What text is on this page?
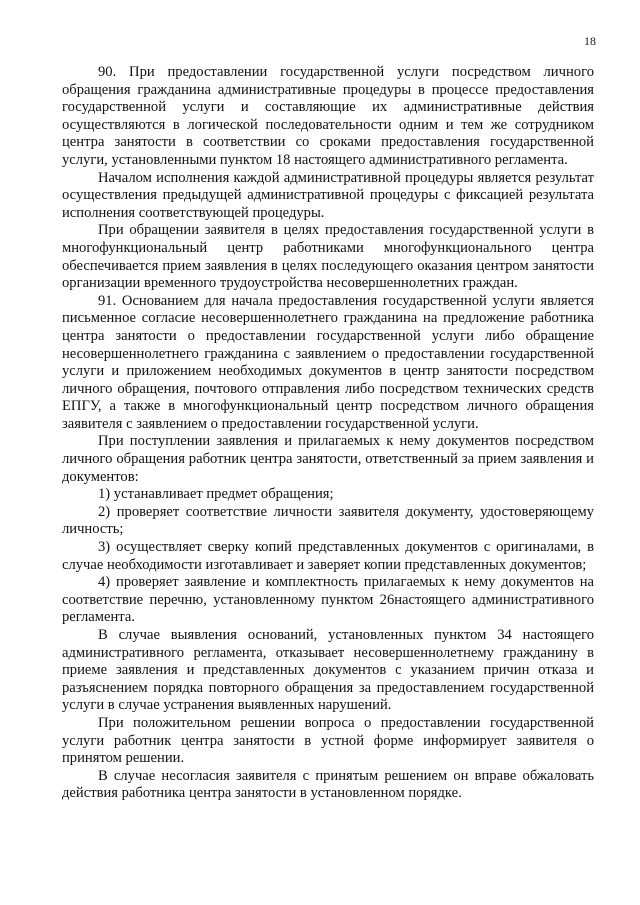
18

90. При предоставлении государственной услуги посредством личного обращения гражданина административные процедуры в процессе предоставления государственной услуги и составляющие их административные действия осуществляются в логической последовательности одним и тем же сотрудником центра занятости в соответствии со сроками предоставления государственной услуги, установленными пунктом 18 настоящего административного регламента.

Началом исполнения каждой административной процедуры является результат осуществления предыдущей административной процедуры с фиксацией результата исполнения соответствующей процедуры.

При обращении заявителя в целях предоставления государственной услуги в многофункциональный центр работниками многофункционального центра обеспечивается прием заявления в целях последующего оказания центром занятости организации временного трудоустройства несовершеннолетних граждан.

91. Основанием для начала предоставления государственной услуги является письменное согласие несовершеннолетнего гражданина на предложение работника центра занятости о предоставлении государственной услуги либо обращение несовершеннолетнего гражданина с заявлением о предоставлении государственной услуги и приложением необходимых документов в центр занятости посредством личного обращения, почтового отправления либо посредством технических средств ЕПГУ, а также в многофункциональный центр посредством личного обращения заявителя с заявлением о предоставлении государственной услуги.

При поступлении заявления и прилагаемых к нему документов посредством личного обращения работник центра занятости, ответственный за прием заявления и документов:

1) устанавливает предмет обращения;

2) проверяет соответствие личности заявителя документу, удостоверяющему личность;

3) осуществляет сверку копий представленных документов с оригиналами, в случае необходимости изготавливает и заверяет копии представленных документов;

4) проверяет заявление и комплектность прилагаемых к нему документов на соответствие перечню, установленному пунктом 26настоящего административного регламента.

В случае выявления оснований, установленных пунктом 34 настоящего административного регламента, отказывает несовершеннолетнему гражданину в приеме заявления и представленных документов с указанием причин отказа и разъяснением порядка повторного обращения за предоставлением государственной услуги в случае устранения выявленных нарушений.

При положительном решении вопроса о предоставлении государственной услуги работник центра занятости в устной форме информирует заявителя о принятом решении.

В случае несогласия заявителя с принятым решением он вправе обжаловать действия работника центра занятости в установленном порядке.
